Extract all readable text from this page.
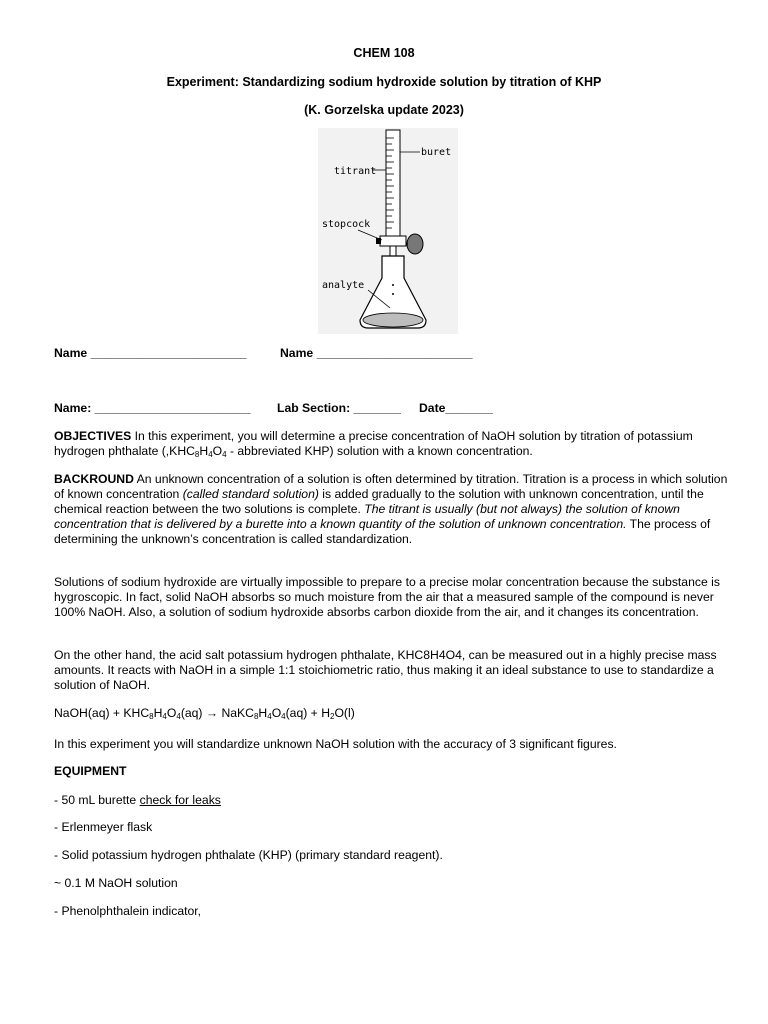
CHEM 108
Experiment: Standardizing sodium hydroxide solution by titration of KHP
(K. Gorzelska update 2023)
buret
titrant
stopcock
analyte
Name _______________________	Name _______________________
Name: _______________________ Lab Section: _______ Date_______

OBJECTIVES In this experiment, you will determine a precise concentration of NaOH solution by titration of potassium hydrogen phthalate ($,KHC_8H_4O_4$ - abbreviated KHP) solution with a known concentration.

BACKROUND An unknown concentration of a solution is often determined by titration. Titration is a process in which solution of known concentration (called standard solution) is added gradually to the solution with unknown concentration, until the chemical reaction between the two solutions is complete. The titrant is usually (but not always) the solution of known concentration that is delivered by a burette into a known quantity of the solution of unknown concentration. The process of determining the unknown’s concentration is called standardization.

Solutions of sodium hydroxide are virtually impossible to prepare to a precise molar concentration because the substance is hygroscopic. In fact, solid NaOH absorbs so much moisture from the air that a measured sample of the compound is never 100% NaOH. Also, a solution of sodium hydroxide absorbs carbon dioxide from the air, and it changes its concentration.
On the other hand, the acid salt potassium hydrogen phthalate, KHC8H4O4, can be measured out in a highly precise mass amounts. It reacts with NaOH in a simple 1:1 stoichiometric ratio, thus making it an ideal substance to use to standardize a solution of NaOH.
NaOH(aq) + $KHC_8H_4O_4(aq)$ → $NaKC_8H_4O_4(aq) + H_2O(l)$
In this experiment you will standardize unknown NaOH solution with the accuracy of 3 significant figures.
EQUIPMENT
- 50 mL burette check for leaks
- Erlenmeyer flask
- Solid potassium hydrogen phthalate (KHP) (primary standard reagent).
~ 0.1 M NaOH solution
- Phenolphthalein indicator,
